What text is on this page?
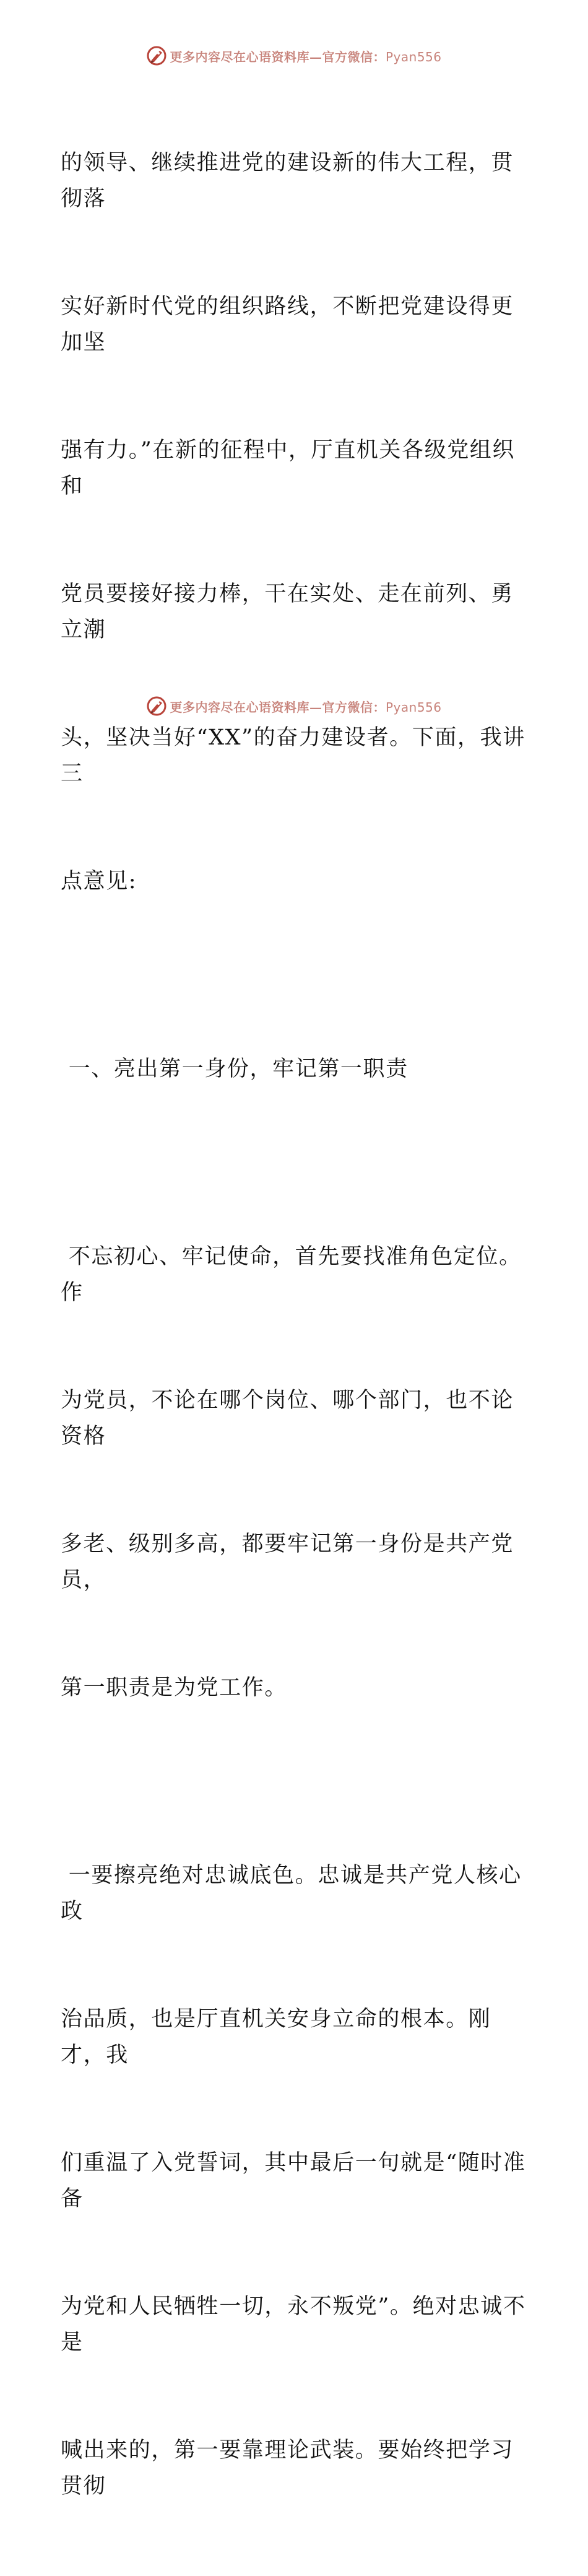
更多内容尽在心语资料库—官方微信：Pyan556

的领导、继续推进党的建设新的伟大工程，贯彻落

实好新时代党的组织路线，不断把党建设得更加坚

强有力。”在新的征程中，厅直机关各级党组织和

党员要接好接力棒，干在实处、走在前列、勇立潮

头，坚决当好“XX”的奋力建设者。下面，我讲三

点意见:

一、亮出第一身份，牢记第一职责

不忘初心、牢记使命，首先要找准角色定位。作

为党员，不论在哪个岗位、哪个部门，也不论资格

多老、级别多高，都要牢记第一身份是共产党员，

第一职责是为党工作。

一要擦亮绝对忠诚底色。忠诚是共产党人核心政

治品质，也是厅直机关安身立命的根本。刚才，我

们重温了入党誓词，其中最后一句就是“随时准备

为党和人民牺牲一切，永不叛党”。绝对忠诚不是

喊出来的，第一要靠理论武装。要始终把学习贯彻

更多内容尽在心语资料库—官方微信：Pyan556
